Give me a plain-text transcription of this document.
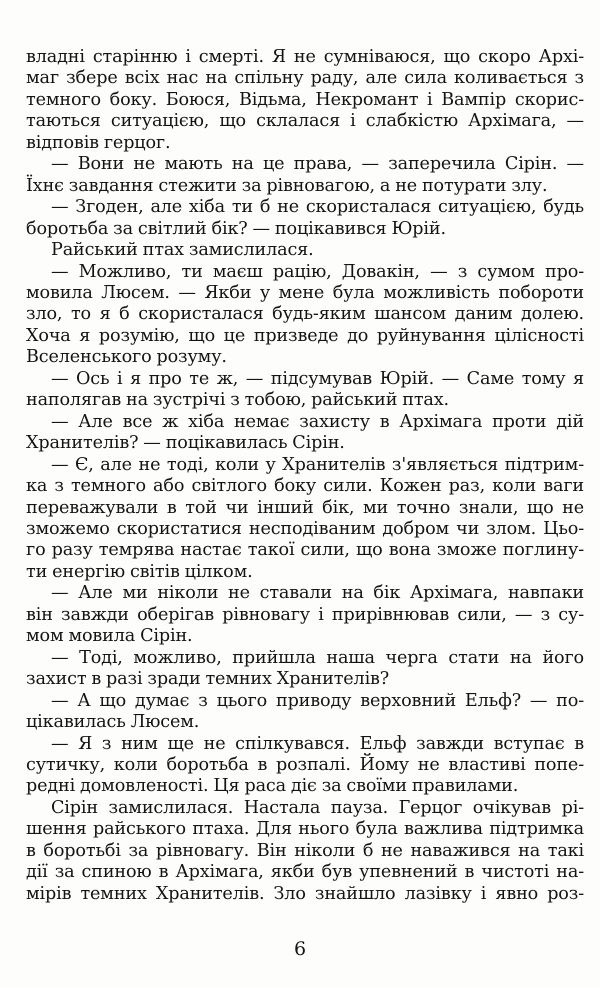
владні старінню і смерті. Я не сумніваюся, що скоро Архі-
маг збере всіх нас на спільну раду, але сила коливається з
темного боку. Боюся, Відьма, Некромант і Вампір скорис-
таються ситуацією, що склалася і слабкістю Архімага, —
відповів герцог.
— Вони не мають на це права, — заперечила Сірін. —
Їхнє завдання стежити за рівновагою, а не потурати злу.
— Згоден, але хіба ти б не скористалася ситуацією, будь
боротьба за світлий бік? — поцікавився Юрій.
Райський птах замислилася.
— Можливо, ти маєш рацію, Довакін, — з сумом про-
мовила Люсем. — Якби у мене була можливість побороти
зло, то я б скористалася будь-яким шансом даним долею.
Хоча я розумію, що це призведе до руйнування цілісності
Вселенського розуму.
— Ось і я про те ж, — підсумував Юрій. — Саме тому я
наполягав на зустрічі з тобою, райський птах.
— Але все ж хіба немає захисту в Архімага проти дій
Хранителів? — поцікавилась Сірін.
— Є, але не тоді, коли у Хранителів з'являється підтрим-
ка з темного або світлого боку сили. Кожен раз, коли ваги
переважували в той чи інший бік, ми точно знали, що не
зможемо скористатися несподіваним добром чи злом. Цьо-
го разу темрява настає такої сили, що вона зможе поглину-
ти енергію світів цілком.
— Але ми ніколи не ставали на бік Архімага, навпаки
він завжди оберігав рівновагу і прирівнював сили, — з су-
мом мовила Сірін.
— Тоді, можливо, прийшла наша черга стати на його
захист в разі зради темних Хранителів?
— А що думає з цього приводу верховний Ельф? — по-
цікавилась Люсем.
— Я з ним ще не спілкувався. Ельф завжди вступає в
сутичку, коли боротьба в розпалі. Йому не властиві попе-
редні домовленості. Ця раса діє за своїми правилами.
Сірін замислилася. Настала пауза. Герцог очікував рі-
шення райського птаха. Для нього була важлива підтримка
в боротьбі за рівновагу. Він ніколи б не наважився на такі
дії за спиною в Архімага, якби був упевнений в чистоті на-
мірів темних Хранителів. Зло знайшло лазівку і явно роз-
6
